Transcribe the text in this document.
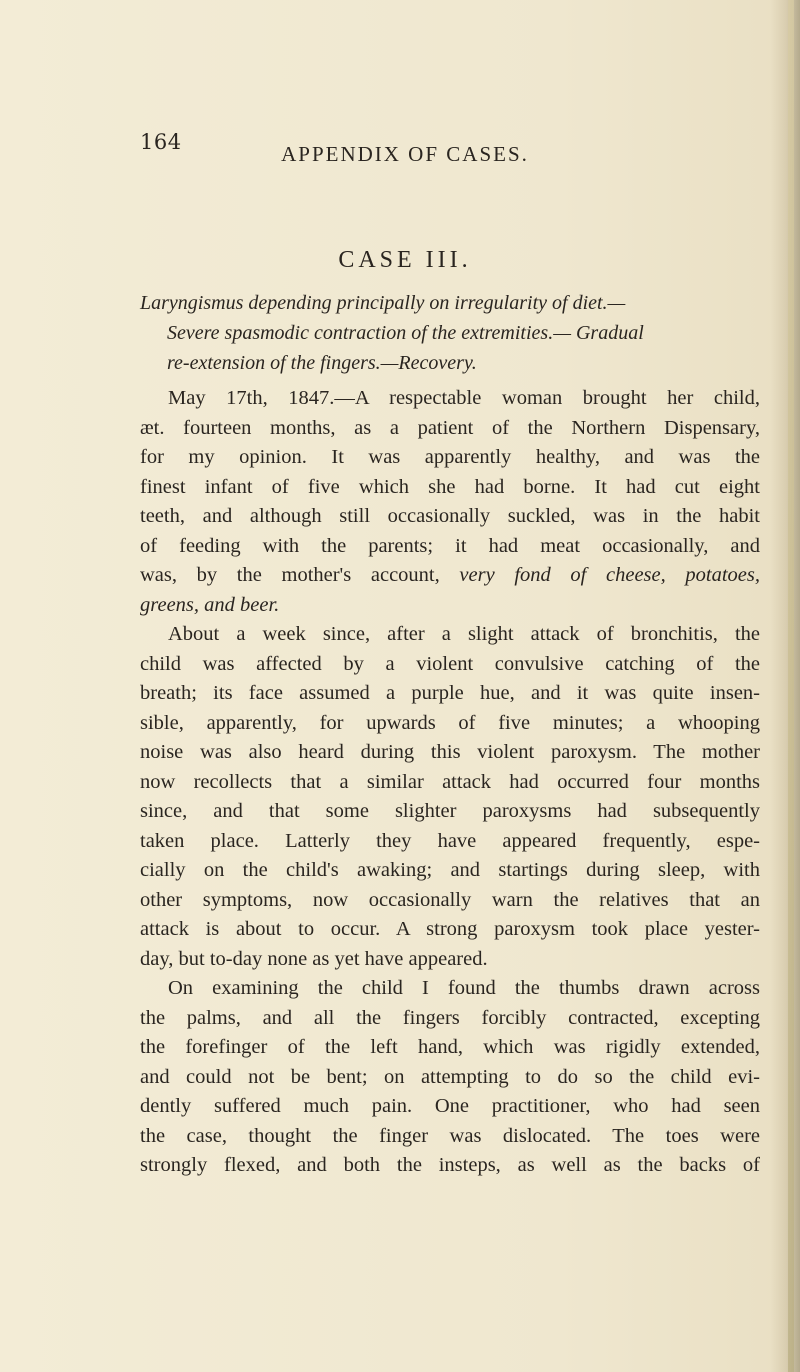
164	APPENDIX OF CASES.
CASE III.
Laryngismus depending principally on irregularity of diet.—
Severe spasmodic contraction of the extremities.— Gradual
re-extension of the fingers.—Recovery.
May 17th, 1847.—A respectable woman brought her child,
æt. fourteen months, as a patient of the Northern Dispensary,
for my opinion. It was apparently healthy, and was the
finest infant of five which she had borne. It had cut eight
teeth, and although still occasionally suckled, was in the habit
of feeding with the parents; it had meat occasionally, and
was, by the mother's account, very fond of cheese, potatoes,
greens, and beer.
About a week since, after a slight attack of bronchitis, the
child was affected by a violent convulsive catching of the
breath; its face assumed a purple hue, and it was quite insen-
sible, apparently, for upwards of five minutes; a whooping
noise was also heard during this violent paroxysm. The mother
now recollects that a similar attack had occurred four months
since, and that some slighter paroxysms had subsequently
taken place. Latterly they have appeared frequently, espe-
cially on the child's awaking; and startings during sleep, with
other symptoms, now occasionally warn the relatives that an
attack is about to occur. A strong paroxysm took place yester-
day, but to-day none as yet have appeared.
On examining the child I found the thumbs drawn across
the palms, and all the fingers forcibly contracted, excepting
the forefinger of the left hand, which was rigidly extended,
and could not be bent; on attempting to do so the child evi-
dently suffered much pain. One practitioner, who had seen
the case, thought the finger was dislocated. The toes were
strongly flexed, and both the insteps, as well as the backs of
